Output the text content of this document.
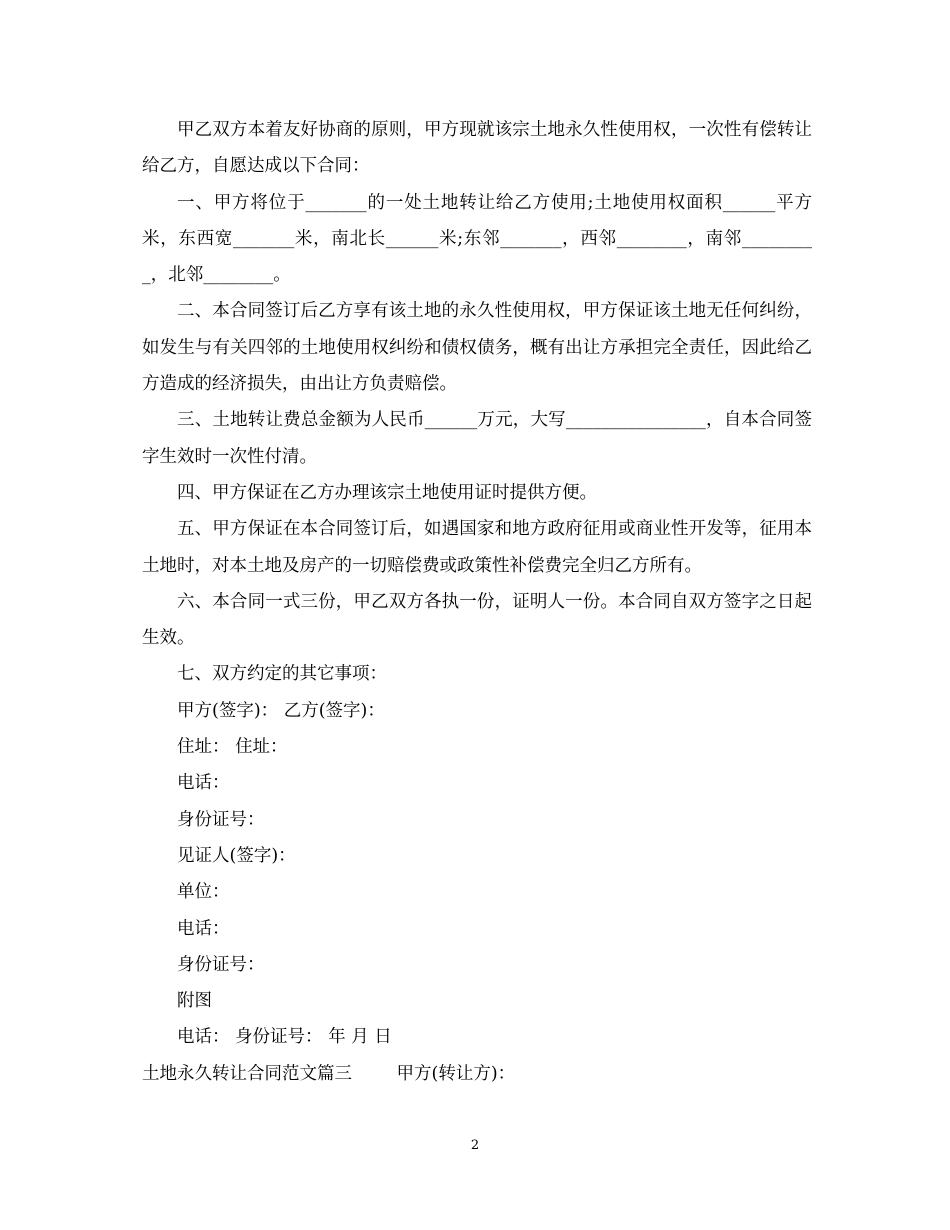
甲乙双方本着友好协商的原则，甲方现就该宗土地永久性使用权，一次性有偿转让给乙方，自愿达成以下合同：

一、甲方将位于_______的一处土地转让给乙方使用;土地使用权面积______平方米，东西宽_______米，南北长______米;东邻_______，西邻________，南邻_________，北邻________。

二、本合同签订后乙方享有该土地的永久性使用权，甲方保证该土地无任何纠纷，如发生与有关四邻的土地使用权纠纷和债权债务，概有出让方承担完全责任，因此给乙方造成的经济损失，由出让方负责赔偿。

三、土地转让费总金额为人民币______万元，大写________________，自本合同签字生效时一次性付清。

四、甲方保证在乙方办理该宗土地使用证时提供方便。

五、甲方保证在本合同签订后，如遇国家和地方政府征用或商业性开发等，征用本土地时，对本土地及房产的一切赔偿费或政策性补偿费完全归乙方所有。

六、本合同一式三份，甲乙双方各执一份，证明人一份。本合同自双方签字之日起生效。

七、双方约定的其它事项：

甲方(签字)： 乙方(签字)：

住址： 住址：

电话：

身份证号：

见证人(签字)：

单位：

电话：

身份证号：

附图

电话： 身份证号： 年 月 日

土地永久转让合同范文篇三        甲方(转让方)：

2
